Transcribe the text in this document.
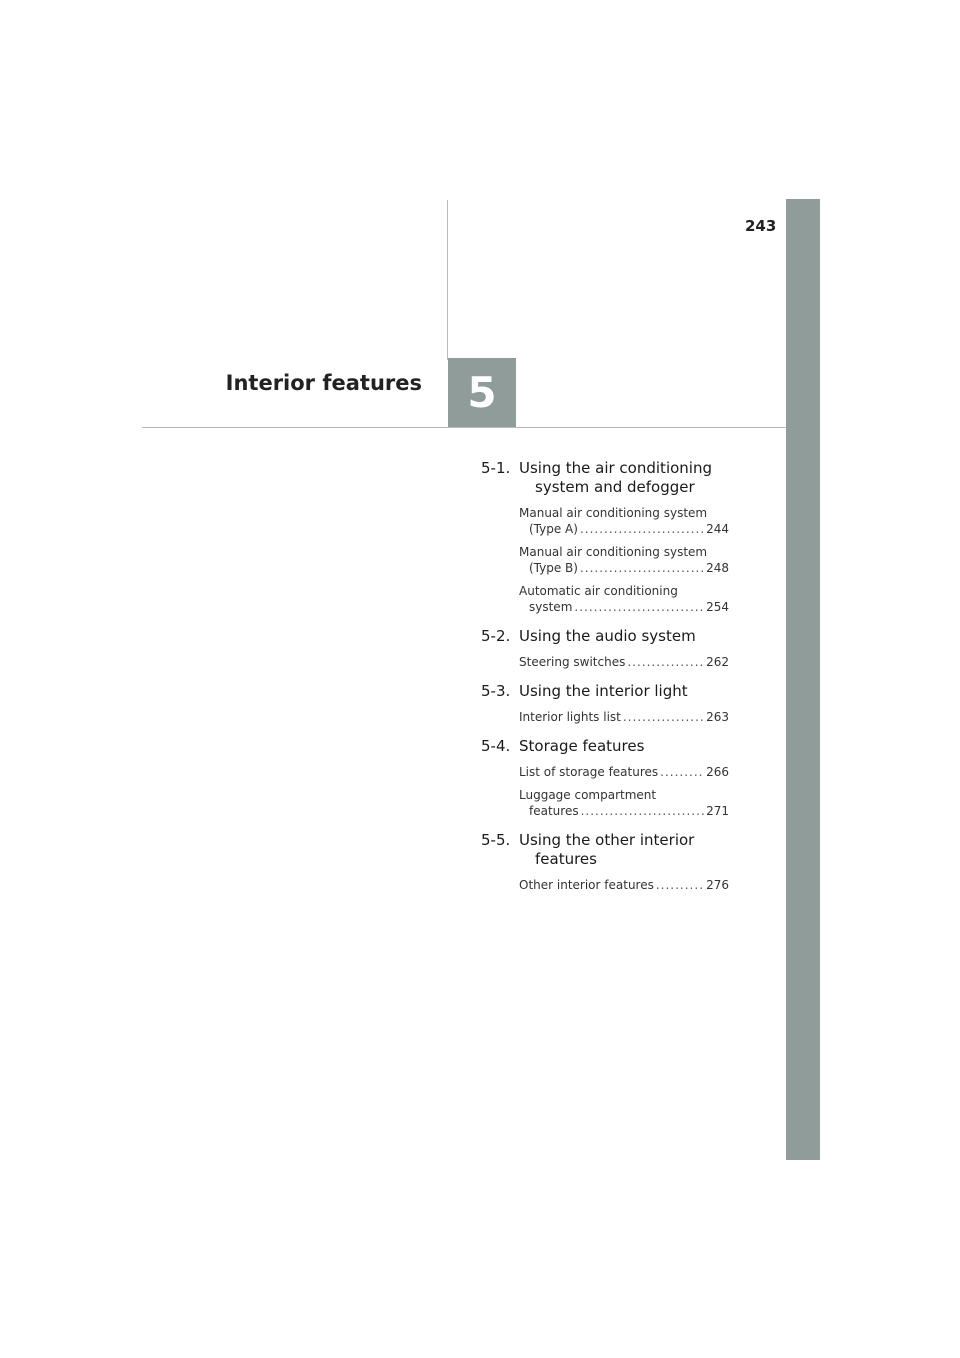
243
5
Interior features
5-1. Using the air conditioning
system and defogger
Manual air conditioning system
(Type A) .....	244
Manual air conditioning system
(Type B) .....	248
Automatic air conditioning
system .....	254
5-2. Using the audio system
Steering switches .....	262
5-3. Using the interior light
Interior lights list .....	263
5-4. Storage features
List of storage features .....	266
Luggage compartment
features .....	271
5-5. Using the other interior
features
Other interior features .....	276
